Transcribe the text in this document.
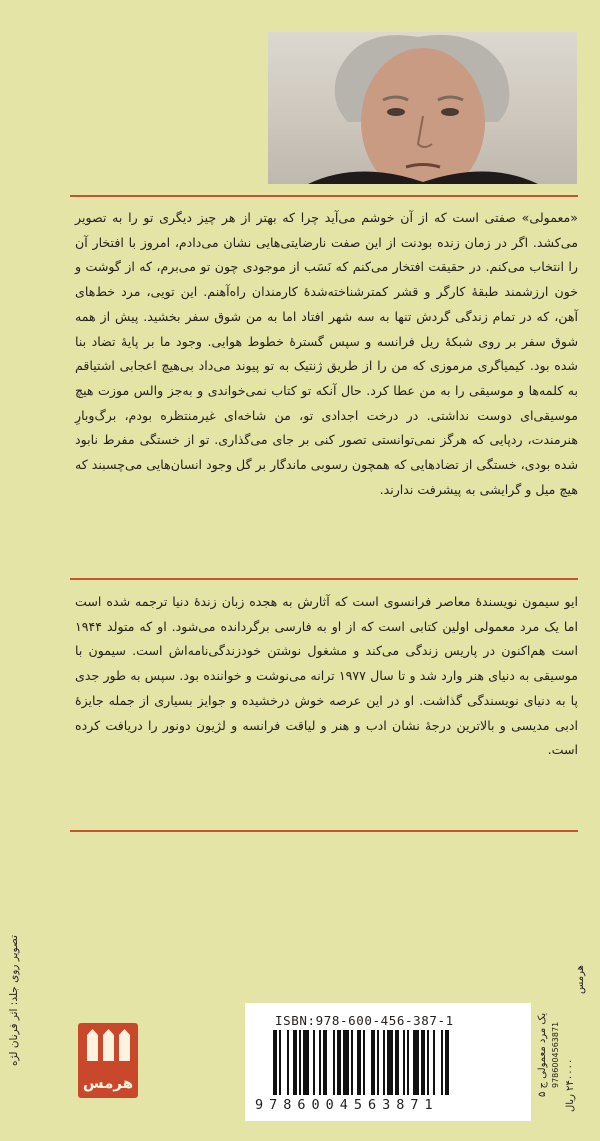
«معمولی» صفتی است که از آن خوشم می‌آید چرا که بهتر از هر چیز دیگری تو را به تصویر می‌کشد. اگر در زمان زنده بودنت از این صفت نارضایتی‌هایی نشان می‌دادم، امروز با افتخار آن را انتخاب می‌کنم. در حقیقت افتخار می‌کنم که نَسَب از موجودی چون تو می‌برم، که از گوشت و خون ارزشمند طبقهٔ کارگر و قشر کمترشناخته‌شدهٔ کارمندان راه‌آهنم. این تویی، مرد خط‌های آهن، که در تمام زندگی گردش تنها به سه شهر افتاد اما به من شوق سفر بخشید. پیش از همه شوق سفر بر روی شبکهٔ ریل فرانسه و سپس گسترهٔ خطوط هوایی. وجود ما بر پایهٔ تضاد بنا شده بود. کیمیاگری مرموزی که من را از طریق ژنتیک به تو پیوند می‌داد بی‌هیچ اعجابی اشتیاقم به کلمه‌ها و موسیقی را به من عطا کرد. حال آنکه تو کتاب نمی‌خواندی و به‌جز والس موزت هیچ موسیقی‌ای دوست نداشتی. در درخت اجدادی تو، من شاخه‌ای غیرمنتظره بودم، برگ‌وبارِ هنرمندت، ردپایی که هرگز نمی‌توانستی تصور کنی بر جای می‌گذاری. تو از خستگی مفرط نابود شده بودی، خستگی از تضادهایی که همچون رسوبی ماندگار بر گل وجود انسان‌هایی می‌چسبند که هیچ میل و گرایشی به پیشرفت ندارند.
ایو سیمون نویسندهٔ معاصر فرانسوی است که آثارش به هجده زبان زندهٔ دنیا ترجمه شده است اما یک مرد معمولی اولین کتابی است که از او به فارسی برگردانده می‌شود. او که متولد ۱۹۴۴ است هم‌اکنون در پاریس زندگی می‌کند و مشغول نوشتن خودزندگی‌نامه‌اش است. سیمون با موسیقی به دنیای هنر وارد شد و تا سال ۱۹۷۷ ترانه می‌نوشت و خواننده بود. سپس به طور جدی پا به دنیای نویسندگی گذاشت. او در این عرصه خوش درخشیده و جوایز بسیاری از جمله جایزهٔ ادبی مدیسی و بالاترین درجهٔ نشان ادب و هنر و لیاقت فرانسه و لژیون دونور را دریافت کرده است.
تصویر روی جلد: اثر فرنان لژه
هرمس
ISBN:978-600-456-387-1
9786004563871
یک مرد معمولی ج ۵ 9786004563871
۲۴۰۰۰۰ ریال
هرمس
